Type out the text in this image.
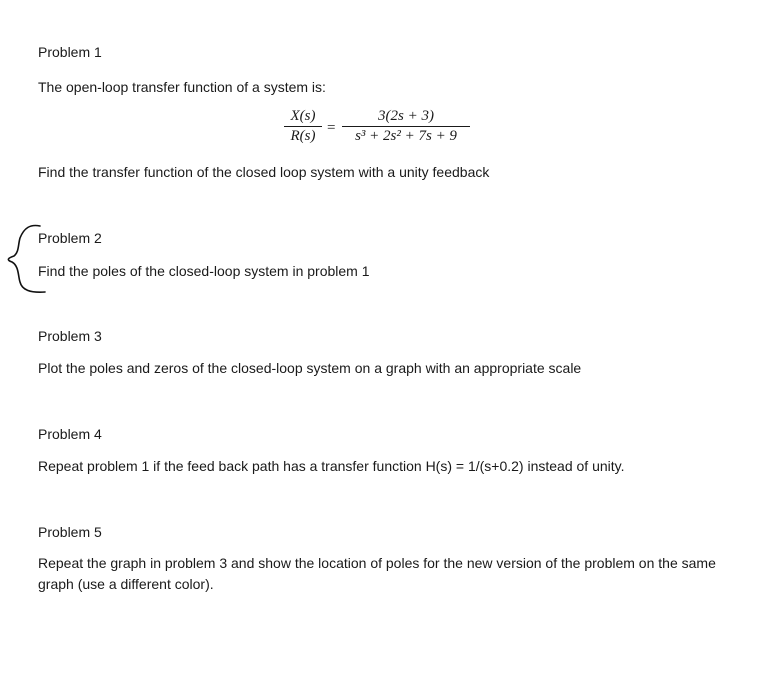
Problem 1
The open-loop transfer function of a system is:
X(s)
R(s) =
3(2s + 3)
s³ + 2s² + 7s + 9
Find the transfer function of the closed loop system with a unity feedback
Problem 2
Find the poles of the closed-loop system in problem 1
Problem 3
Plot the poles and zeros of the closed-loop system on a graph with an appropriate scale
Problem 4
Repeat problem 1 if the feed back path has a transfer function H(s) = 1/(s+0.2) instead of unity.
Problem 5
Repeat the graph in problem 3 and show the location of poles for the new version of the problem on the same graph (use a different color).
